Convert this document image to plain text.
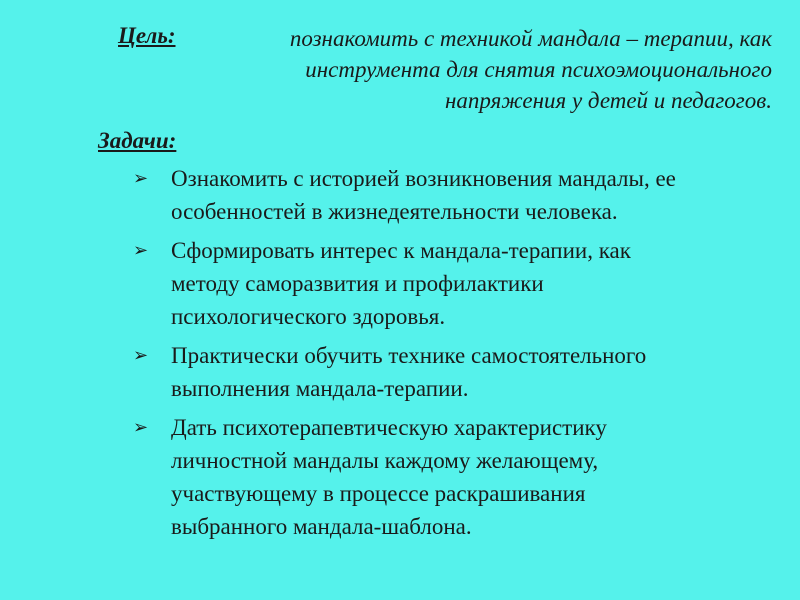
Цель:	познакомить с техникой мандала – терапии, как
инструмента для снятия психоэмоционального
напряжения у детей и педагогов.
Задачи:
➢ Ознакомить с историей возникновения мандалы, ее
особенностей в жизнедеятельности человека.
➢ Сформировать интерес к мандала-терапии, как
методу саморазвития и профилактики
психологического здоровья.
➢ Практически обучить технике самостоятельного
выполнения мандала-терапии.
➢ Дать психотерапевтическую характеристику
личностной мандалы каждому желающему,
участвующему в процессе раскрашивания
выбранного мандала-шаблона.
